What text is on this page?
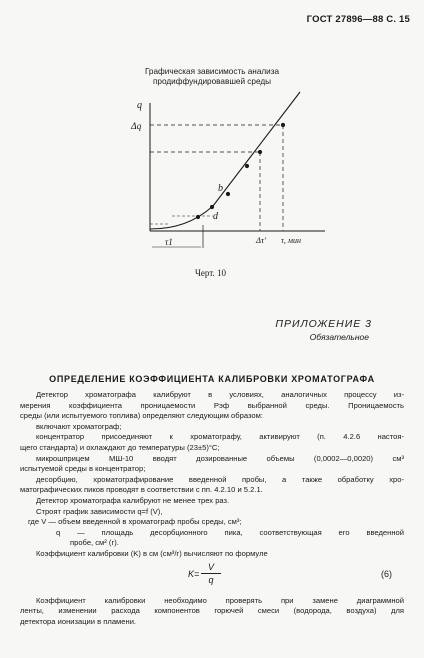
ГОСТ 27896—88 С. 15
Графическая зависимость анализа
продиффундировавшей среды
q
Δq
b
d
τ1	Δτ′ τ, мин
Черт. 10
ПРИЛОЖЕНИЕ 3
Обязательное
ОПРЕДЕЛЕНИЕ КОЭФФИЦИЕНТА КАЛИБРОВКИ ХРОМАТОГРАФА

Детектор хроматографа калибруют в условиях, аналогичных процессу из-

мерения коэффициента проницаемости Pэф выбранной среды. Проницаемость

среды (или испытуемого топлива) определяют следующим образом:

включают хроматограф;

концентратор присоединяют к хроматографу, активируют (п. 4.2.6 настоя-

щего стандарта) и охлаждают до температуры (23±5)°С;

микрошприцем МШ-10 вводят дозированные объемы (0,0002—0,0020) см³

испытуемой среды в концентратор;

десорбцию, хроматографирование введенной пробы, а также обработку хро-

матографических пиков проводят в соответствии с пп. 4.2.10 и 5.2.1.

Детектор хроматографа калибруют не менее трех раз.

Строят график зависимости q=f (V),

где V — объем введенной в хроматограф пробы среды, см³;

q — площадь десорбционного пика, соответствующая его введенной

пробе, см² (г).

Коэффициент калибровки (K) в см (см³/г) вычисляют по формуле

$K= \frac{V}{q}$	(6)

Коэффициент калибровки необходимо проверять при замене диаграммной

ленты, изменении расхода компонентов горючей смеси (водорода, воздуха) для

детектора ионизации в пламени.
